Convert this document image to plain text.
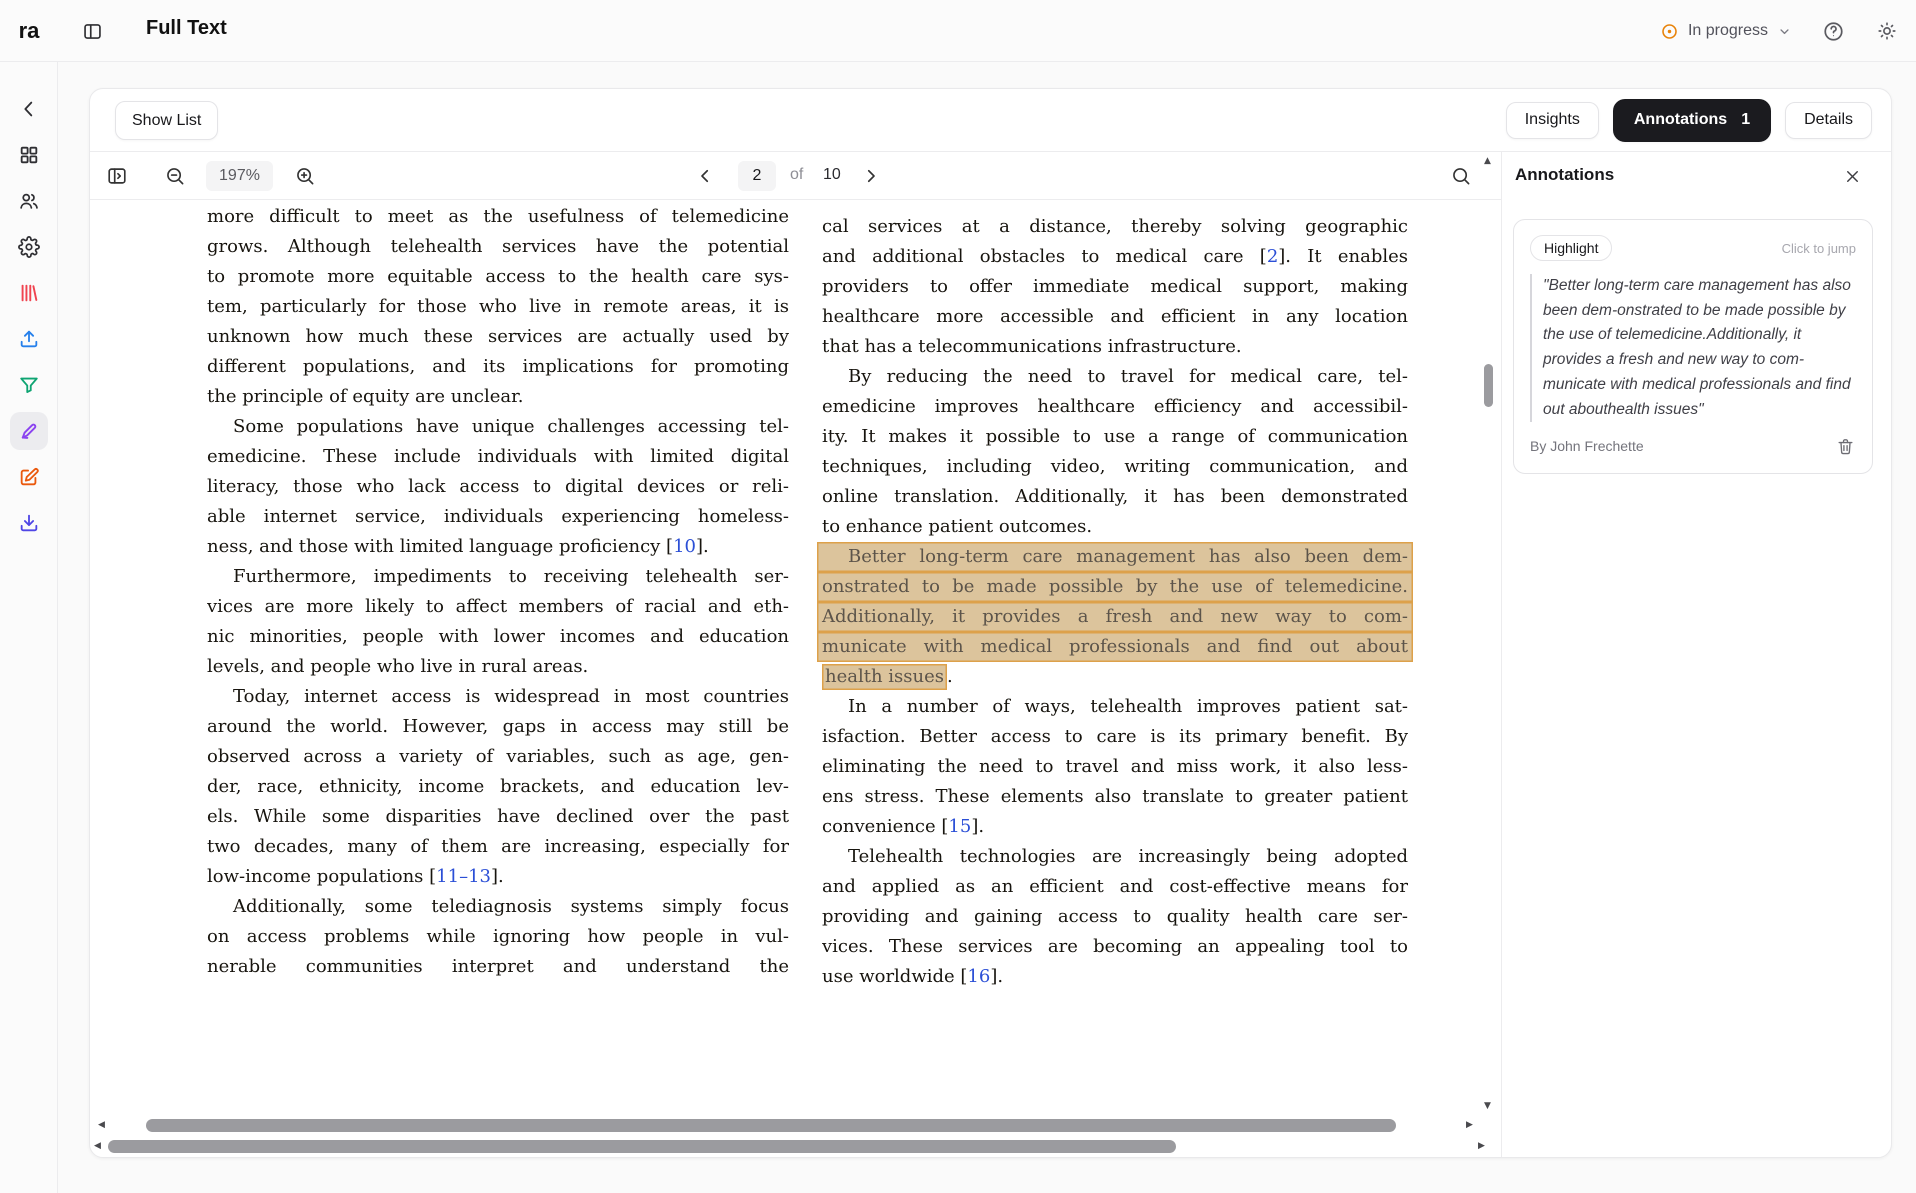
ra	Full Text	In progress
Show List	Insights	Annotations 1	Details
197%
2	of 10
more difficult to meet as the usefulness of telemedicine
grows. Although telehealth services have the potential
to promote more equitable access to the health care sys-
tem, particularly for those who live in remote areas, it is
unknown how much these services are actually used by
different populations, and its implications for promoting
the principle of equity are unclear.
Some populations have unique challenges accessing tel-
emedicine. These include individuals with limited digital
literacy, those who lack access to digital devices or reli-
able internet service, individuals experiencing homeless-
ness, and those with limited language proficiency [10].
Furthermore, impediments to receiving telehealth ser-
vices are more likely to affect members of racial and eth-
nic minorities, people with lower incomes and education
levels, and people who live in rural areas.
Today, internet access is widespread in most countries
around the world. However, gaps in access may still be
observed across a variety of variables, such as age, gen-
der, race, ethnicity, income brackets, and education lev-
els. While some disparities have declined over the past
two decades, many of them are increasing, especially for
low-income populations [11–13].
Additionally, some telediagnosis systems simply focus
on access problems while ignoring how people in vul-
nerable communities interpret and understand the
cal services at a distance, thereby solving geographic
and additional obstacles to medical care [2]. It enables
providers to offer immediate medical support, making
healthcare more accessible and efficient in any location
that has a telecommunications infrastructure.
By reducing the need to travel for medical care, tel-
emedicine improves healthcare efficiency and accessibil-
ity. It makes it possible to use a range of communication
techniques, including video, writing communication, and
online translation. Additionally, it has been demonstrated
to enhance patient outcomes.
Better long-term care management has also been dem-
onstrated to be made possible by the use of telemedicine.
Additionally, it provides a fresh and new way to com-
municate with medical professionals and find out about
health issues .
In a number of ways, telehealth improves patient sat-
isfaction. Better access to care is its primary benefit. By
eliminating the need to travel and miss work, it also less-
ens stress. These elements also translate to greater patient
convenience [15].
Telehealth technologies are increasingly being adopted
and applied as an efficient and cost-effective means for
providing and gaining access to quality health care ser-
vices. These services are becoming an appealing tool to
use worldwide [16].
▲
▼
◀	▶
◀	▶
Annotations
Highlight	Click to jump
"Better long-term care management has also been dem-onstrated to be made possible by the use of telemedicine.Additionally, it provides a fresh and new way to com-municate with medical professionals and find out abouthealth issues"
By John Frechette
